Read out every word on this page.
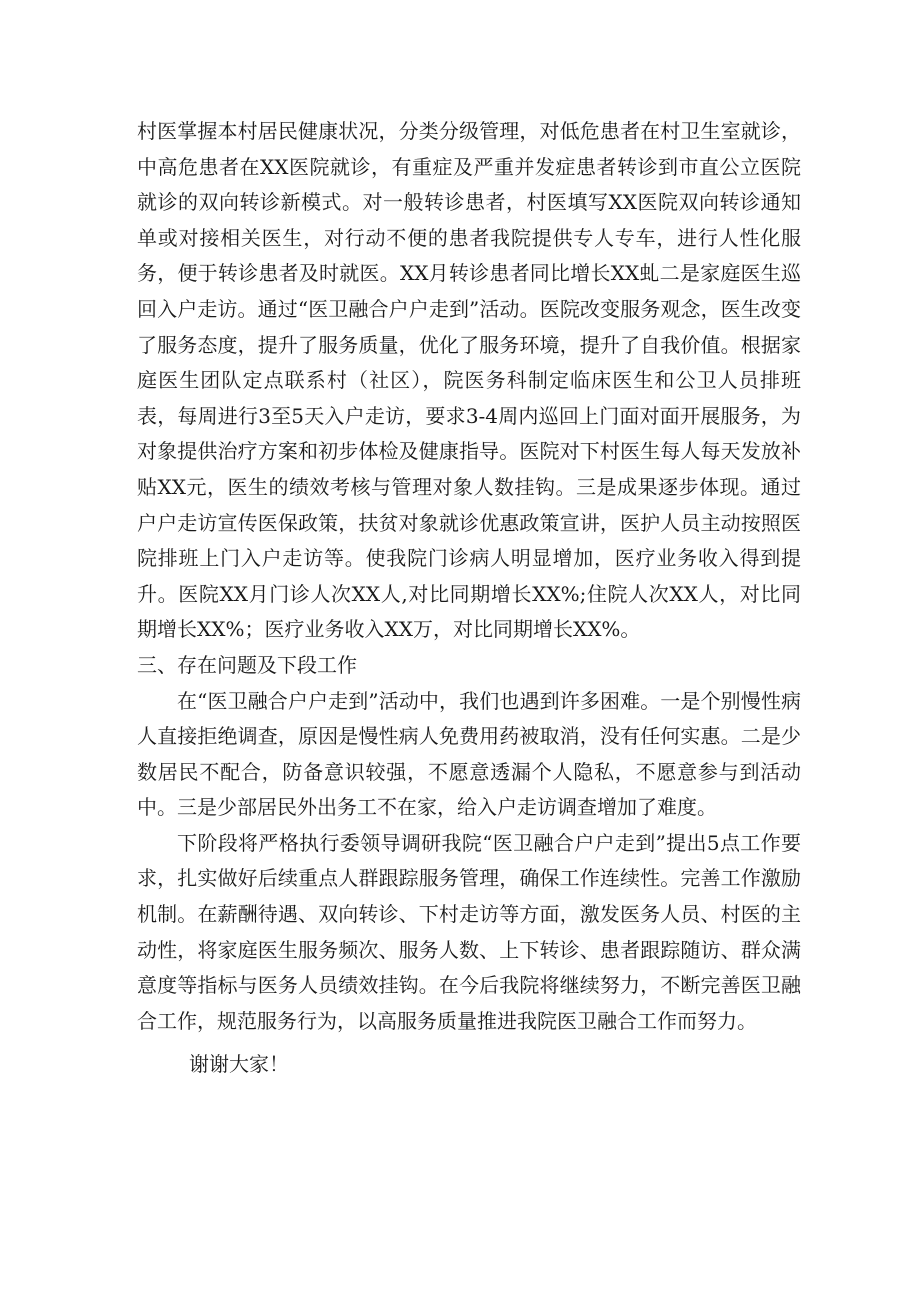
村医掌握本村居民健康状况，分类分级管理，对低危患者在村卫生室就诊，中高危患者在XX医院就诊，有重症及严重并发症患者转诊到市直公立医院就诊的双向转诊新模式。对一般转诊患者，村医填写XX医院双向转诊通知单或对接相关医生，对行动不便的患者我院提供专人专车，进行人性化服务，便于转诊患者及时就医。XX月转诊患者同比增长XX虬二是家庭医生巡回入户走访。通过“医卫融合户户走到”活动。医院改变服务观念，医生改变了服务态度，提升了服务质量，优化了服务环境，提升了自我价值。根据家庭医生团队定点联系村（社区），院医务科制定临床医生和公卫人员排班表，每周进行3至5天入户走访，要求3-4周内巡回上门面对面开展服务，为对象提供治疗方案和初步体检及健康指导。医院对下村医生每人每天发放补贴XX元，医生的绩效考核与管理对象人数挂钩。三是成果逐步体现。通过户户走访宣传医保政策，扶贫对象就诊优惠政策宣讲，医护人员主动按照医院排班上门入户走访等。使我院门诊病人明显增加，医疗业务收入得到提升。医院XX月门诊人次XX人,对比同期增长XX%;住院人次XX人，对比同期增长XX%；医疗业务收入XX万，对比同期增长XX%。

三、存在问题及下段工作

在“医卫融合户户走到”活动中，我们也遇到许多困难。一是个别慢性病人直接拒绝调查，原因是慢性病人免费用药被取消，没有任何实惠。二是少数居民不配合，防备意识较强，不愿意透漏个人隐私，不愿意参与到活动中。三是少部居民外出务工不在家，给入户走访调查增加了难度。

下阶段将严格执行委领导调研我院“医卫融合户户走到”提出5点工作要求，扎实做好后续重点人群跟踪服务管理，确保工作连续性。完善工作激励机制。在薪酬待遇、双向转诊、下村走访等方面，激发医务人员、村医的主动性，将家庭医生服务频次、服务人数、上下转诊、患者跟踪随访、群众满意度等指标与医务人员绩效挂钩。在今后我院将继续努力，不断完善医卫融合工作，规范服务行为，以高服务质量推进我院医卫融合工作而努力。

谢谢大家！
